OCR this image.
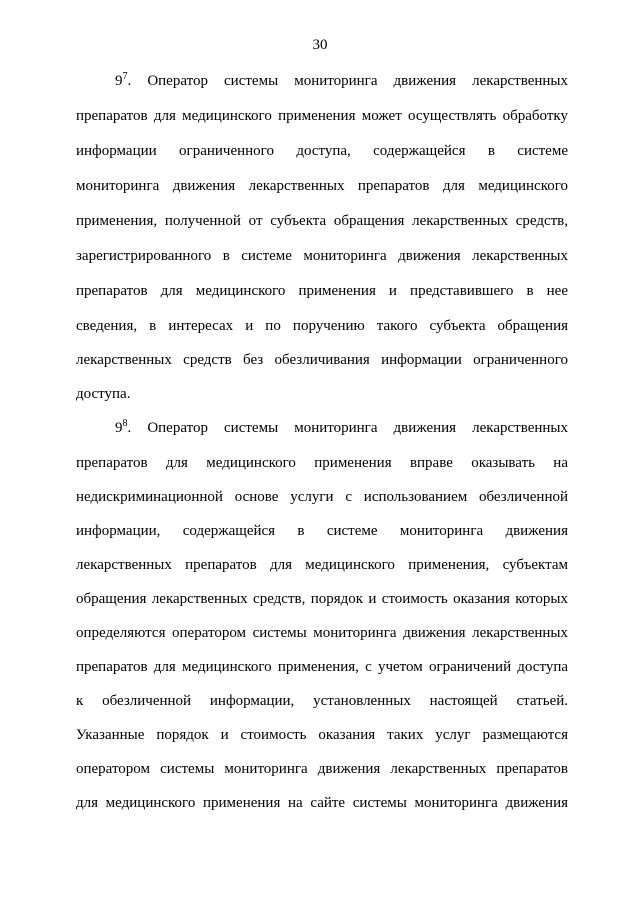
30
$9^7$. Оператор системы мониторинга движения лекарственных
препаратов для медицинского применения может осуществлять обработку
информации ограниченного доступа, содержащейся в системе
мониторинга движения лекарственных препаратов для медицинского
применения, полученной от субъекта обращения лекарственных средств,
зарегистрированного в системе мониторинга движения лекарственных
препаратов для медицинского применения и представившего в нее
сведения, в интересах и по поручению такого субъекта обращения
лекарственных средств без обезличивания информации ограниченного
доступа.
$9^8$. Оператор системы мониторинга движения лекарственных
препаратов для медицинского применения вправе оказывать на
недискриминационной основе услуги с использованием обезличенной
информации, содержащейся в системе мониторинга движения
лекарственных препаратов для медицинского применения, субъектам
обращения лекарственных средств, порядок и стоимость оказания которых
определяются оператором системы мониторинга движения лекарственных
препаратов для медицинского применения, с учетом ограничений доступа
к обезличенной информации, установленных настоящей статьей.
Указанные порядок и стоимость оказания таких услуг размещаются
оператором системы мониторинга движения лекарственных препаратов
для медицинского применения на сайте системы мониторинга движения
